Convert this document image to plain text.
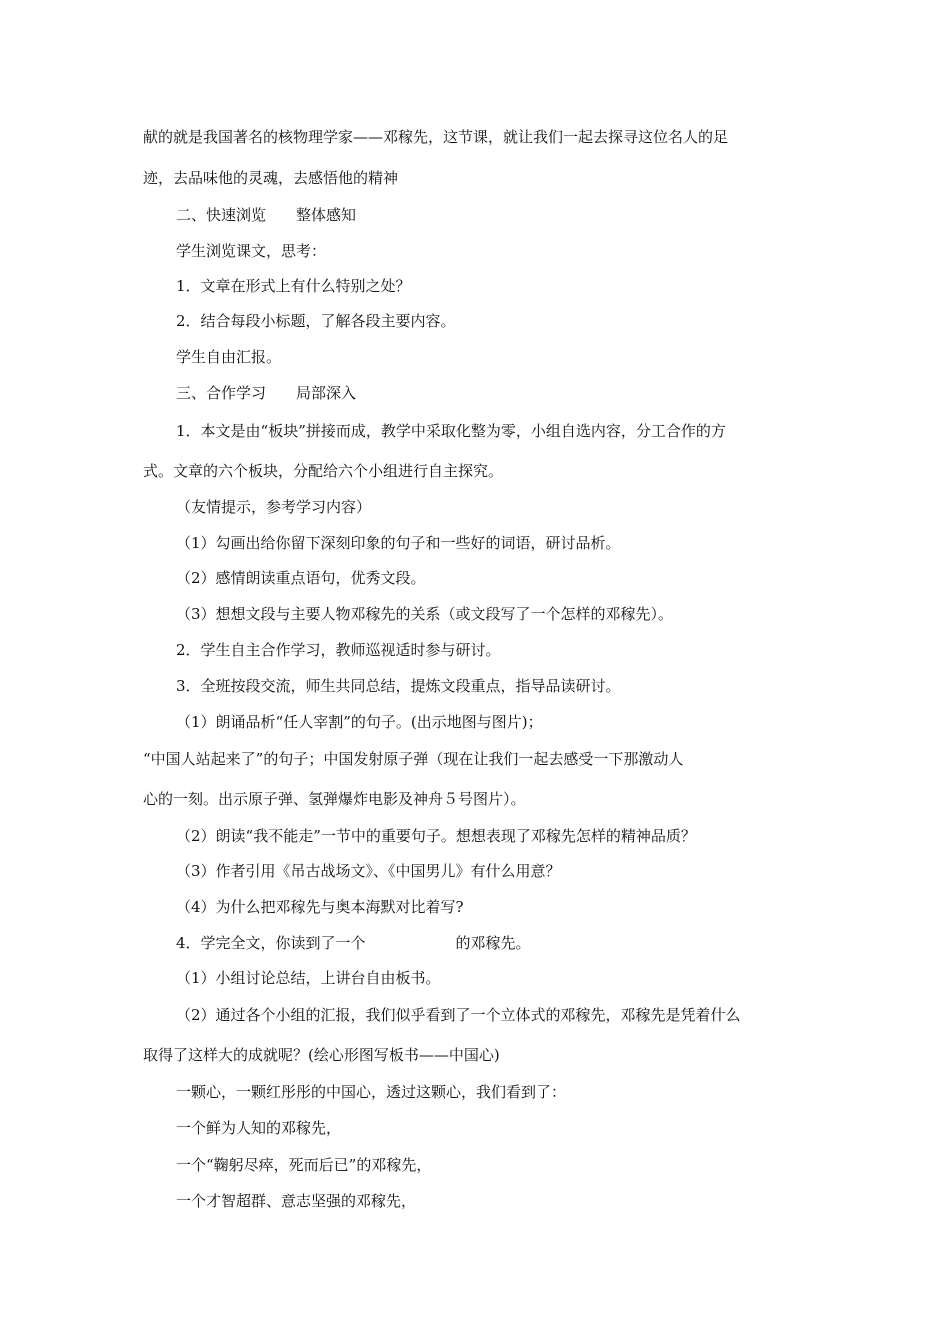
献的就是我国著名的核物理学家——邓稼先，这节课，就让我们一起去探寻这位名人的足
迹，去品味他的灵魂，去感悟他的精神
二、快速浏览　　整体感知
学生浏览课文，思考：
1．文章在形式上有什么特别之处？
2．结合每段小标题，了解各段主要内容。
学生自由汇报。
三、合作学习　　局部深入
1．本文是由“板块”拼接而成，教学中采取化整为零，小组自选内容，分工合作的方
式。文章的六个板块，分配给六个小组进行自主探究。
（友情提示，参考学习内容）
（1）勾画出给你留下深刻印象的句子和一些好的词语，研讨品析。
（2）感情朗读重点语句，优秀文段。
（3）想想文段与主要人物邓稼先的关系（或文段写了一个怎样的邓稼先）。
2．学生自主合作学习，教师巡视适时参与研讨。
3．全班按段交流，师生共同总结，提炼文段重点，指导品读研讨。
（1）朗诵品析“任人宰割”的句子。(出示地图与图片)；
“中国人站起来了”的句子；中国发射原子弹（现在让我们一起去感受一下那激动人
心的一刻。出示原子弹、氢弹爆炸电影及神舟５号图片）。
（2）朗读“我不能走”一节中的重要句子。想想表现了邓稼先怎样的精神品质？
（3）作者引用《吊古战场文》、《中国男儿》有什么用意？
（4）为什么把邓稼先与奥本海默对比着写?
4．学完全文，你读到了一个　　　　　　的邓稼先。
（1）小组讨论总结，上讲台自由板书。
（2）通过各个小组的汇报，我们似乎看到了一个立体式的邓稼先，邓稼先是凭着什么
取得了这样大的成就呢？(绘心形图写板书——中国心)
一颗心，一颗红彤彤的中国心，透过这颗心，我们看到了：
一个鲜为人知的邓稼先，
一个“鞠躬尽瘁，死而后已”的邓稼先，
一个才智超群、意志坚强的邓稼先，
